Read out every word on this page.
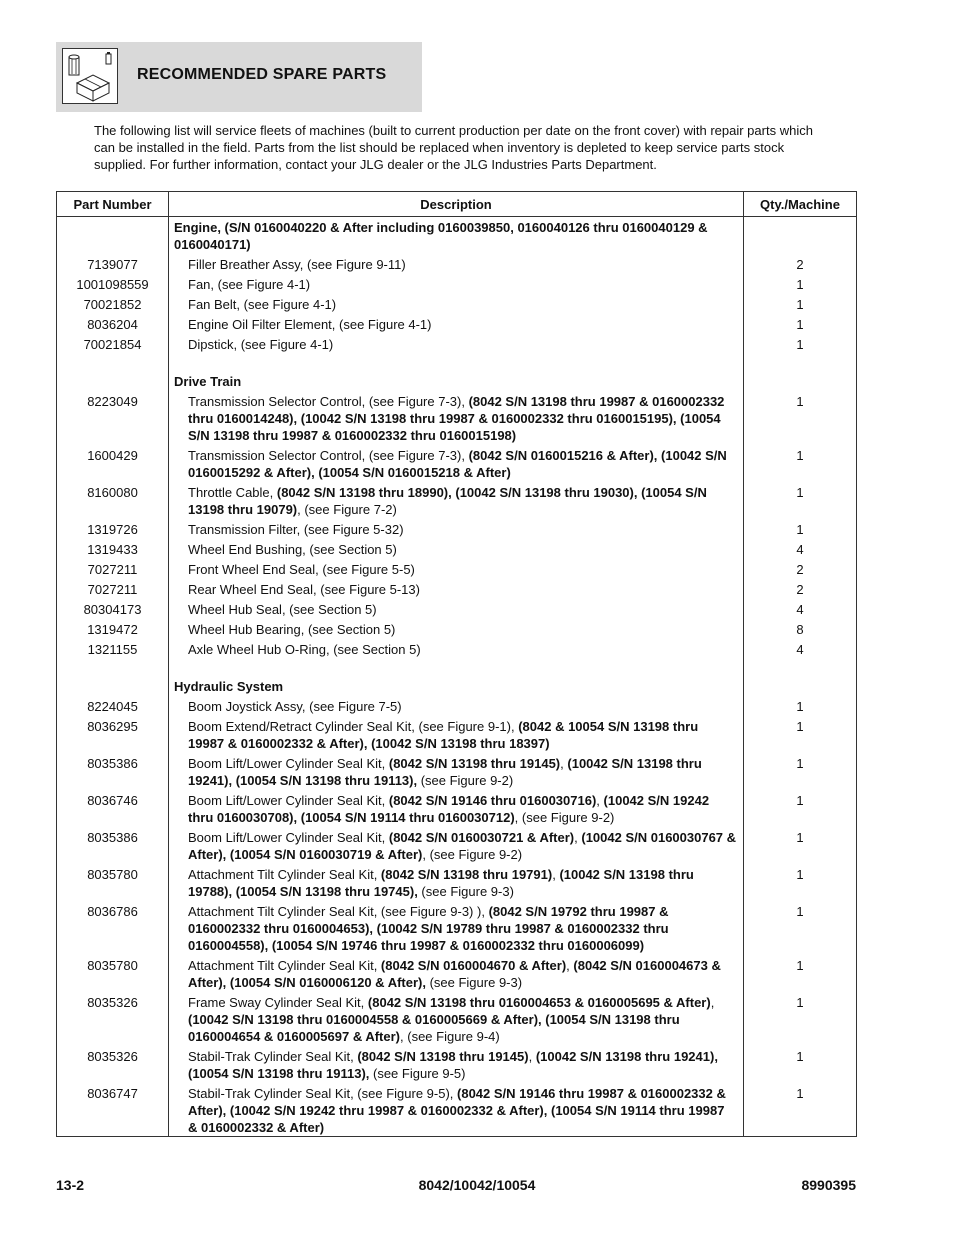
RECOMMENDED SPARE PARTS

The following list will service fleets of machines (built to current production per date on the front cover) with repair parts which can be installed in the field. Parts from the list should be replaced when inventory is depleted to keep service parts stock supplied. For further information, contact your JLG dealer or the JLG Industries Parts Department.

Part Number	Description	Qty./Machine
	Engine, (S/N 0160040220 & After including 0160039850, 0160040126 thru 0160040129 & 0160040171)	
7139077	Filler Breather Assy, (see Figure 9-11)	2
1001098559	Fan, (see Figure 4-1)	1
70021852	Fan Belt, (see Figure 4-1)	1
8036204	Engine Oil Filter Element, (see Figure 4-1)	1
70021854	Dipstick, (see Figure 4-1)	1

	Drive Train	
8223049	Transmission Selector Control, (see Figure 7-3), (8042 S/N 13198 thru 19987 & 0160002332 thru 0160014248), (10042 S/N 13198 thru 19987 & 0160002332 thru 0160015195), (10054 S/N 13198 thru 19987 & 0160002332 thru 0160015198)	1
1600429	Transmission Selector Control, (see Figure 7-3), (8042 S/N 0160015216 & After), (10042 S/N 0160015292 & After), (10054 S/N 0160015218 & After)	1
8160080	Throttle Cable, (8042 S/N 13198 thru 18990), (10042 S/N 13198 thru 19030), (10054 S/N 13198 thru 19079), (see Figure 7-2)	1
1319726	Transmission Filter, (see Figure 5-32)	1
1319433	Wheel End Bushing, (see Section 5)	4
7027211	Front Wheel End Seal, (see Figure 5-5)	2
7027211	Rear Wheel End Seal, (see Figure 5-13)	2
80304173	Wheel Hub Seal, (see Section 5)	4
1319472	Wheel Hub Bearing, (see Section 5)	8
1321155	Axle Wheel Hub O-Ring, (see Section 5)	4

	Hydraulic System	
8224045	Boom Joystick Assy, (see Figure 7-5)	1
8036295	Boom Extend/Retract Cylinder Seal Kit, (see Figure 9-1), (8042 & 10054 S/N 13198 thru 19987 & 0160002332 & After), (10042 S/N 13198 thru 18397)	1
8035386	Boom Lift/Lower Cylinder Seal Kit, (8042 S/N 13198 thru 19145), (10042 S/N 13198 thru 19241), (10054 S/N 13198 thru 19113), (see Figure 9-2)	1
8036746	Boom Lift/Lower Cylinder Seal Kit, (8042 S/N 19146 thru 0160030716), (10042 S/N 19242 thru 0160030708), (10054 S/N 19114 thru 0160030712), (see Figure 9-2)	1
8035386	Boom Lift/Lower Cylinder Seal Kit, (8042 S/N 0160030721 & After), (10042 S/N 0160030767 & After), (10054 S/N 0160030719 & After), (see Figure 9-2)	1
8035780	Attachment Tilt Cylinder Seal Kit, (8042 S/N 13198 thru 19791), (10042 S/N 13198 thru 19788), (10054 S/N 13198 thru 19745), (see Figure 9-3)	1
8036786	Attachment Tilt Cylinder Seal Kit, (see Figure 9-3) ), (8042 S/N 19792 thru 19987 & 0160002332 thru 0160004653), (10042 S/N 19789 thru 19987 & 0160002332 thru 0160004558), (10054 S/N 19746 thru 19987 & 0160002332 thru 0160006099)	1
8035780	Attachment Tilt Cylinder Seal Kit, (8042 S/N 0160004670 & After), (8042 S/N 0160004673 & After), (10054 S/N 0160006120 & After), (see Figure 9-3)	1
8035326	Frame Sway Cylinder Seal Kit, (8042 S/N 13198 thru 0160004653 & 0160005695 & After), (10042 S/N 13198 thru 0160004558 & 0160005669 & After), (10054 S/N 13198 thru 0160004654 & 0160005697 & After), (see Figure 9-4)	1
8035326	Stabil-Trak Cylinder Seal Kit, (8042 S/N 13198 thru 19145), (10042 S/N 13198 thru 19241), (10054 S/N 13198 thru 19113), (see Figure 9-5)	1
8036747	Stabil-Trak Cylinder Seal Kit, (see Figure 9-5), (8042 S/N 19146 thru 19987 & 0160002332 & After), (10042 S/N 19242 thru 19987 & 0160002332 & After), (10054 S/N 19114 thru 19987 & 0160002332 & After)	1
13-2	8042/10042/10054	8990395
